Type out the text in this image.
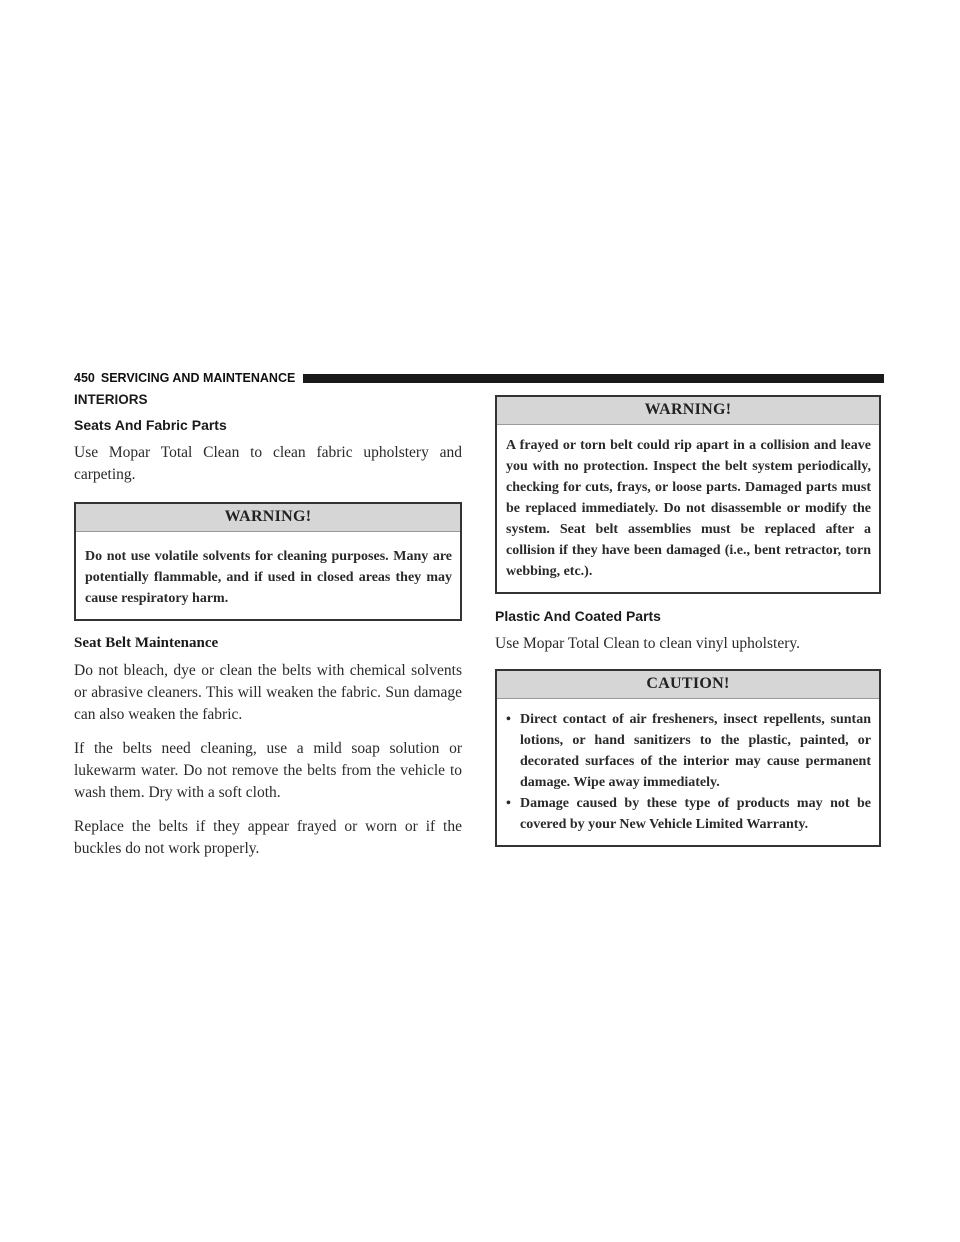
450 SERVICING AND MAINTENANCE
INTERIORS
Seats And Fabric Parts

Use Mopar Total Clean to clean fabric upholstery and carpeting.

WARNING!
Do not use volatile solvents for cleaning purposes. Many are potentially flammable, and if used in closed areas they may cause respiratory harm.
Seat Belt Maintenance

Do not bleach, dye or clean the belts with chemical solvents or abrasive cleaners. This will weaken the fabric. Sun damage can also weaken the fabric.

If the belts need cleaning, use a mild soap solution or lukewarm water. Do not remove the belts from the vehicle to wash them. Dry with a soft cloth.

Replace the belts if they appear frayed or worn or if the buckles do not work properly.

WARNING!
A frayed or torn belt could rip apart in a collision and leave you with no protection. Inspect the belt system periodically, checking for cuts, frays, or loose parts. Damaged parts must be replaced immediately. Do not disassemble or modify the system. Seat belt assemblies must be replaced after a collision if they have been damaged (i.e., bent retractor, torn webbing, etc.).
Plastic And Coated Parts

Use Mopar Total Clean to clean vinyl upholstery.

CAUTION!
• Direct contact of air fresheners, insect repellents, suntan lotions, or hand sanitizers to the plastic, painted, or decorated surfaces of the interior may cause permanent damage. Wipe away immediately.
• Damage caused by these type of products may not be covered by your New Vehicle Limited Warranty.
